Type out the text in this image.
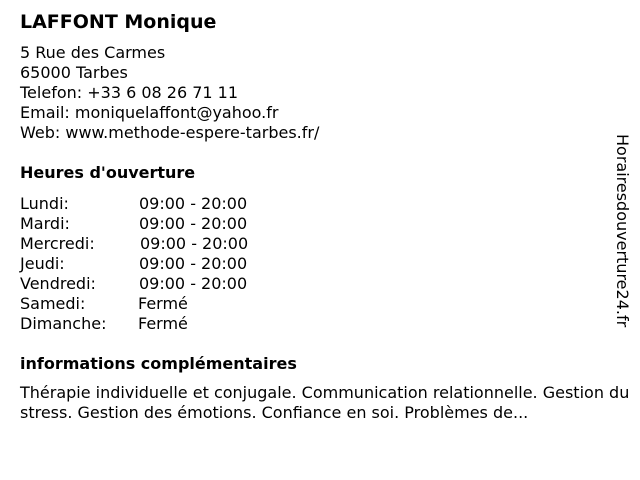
LAFFONT Monique
5 Rue des Carmes
65000 Tarbes
Telefon: +33 6 08 26 71 11
Email: moniquelaffont@yahoo.fr
Web: www.methode-espere-tarbes.fr/
Heures d'ouverture
Lundi:	09:00 - 20:00
Mardi:	09:00 - 20:00
Mercredi:	09:00 - 20:00
Jeudi:	09:00 - 20:00
Vendredi:	09:00 - 20:00
Samedi:	Fermé
Dimanche: Fermé
informations complémentaires
Thérapie individuelle et conjugale. Communication relationnelle. Gestion du stress. Gestion des émotions. Confiance en soi. Problèmes de...
Horairesdouverture24.fr
